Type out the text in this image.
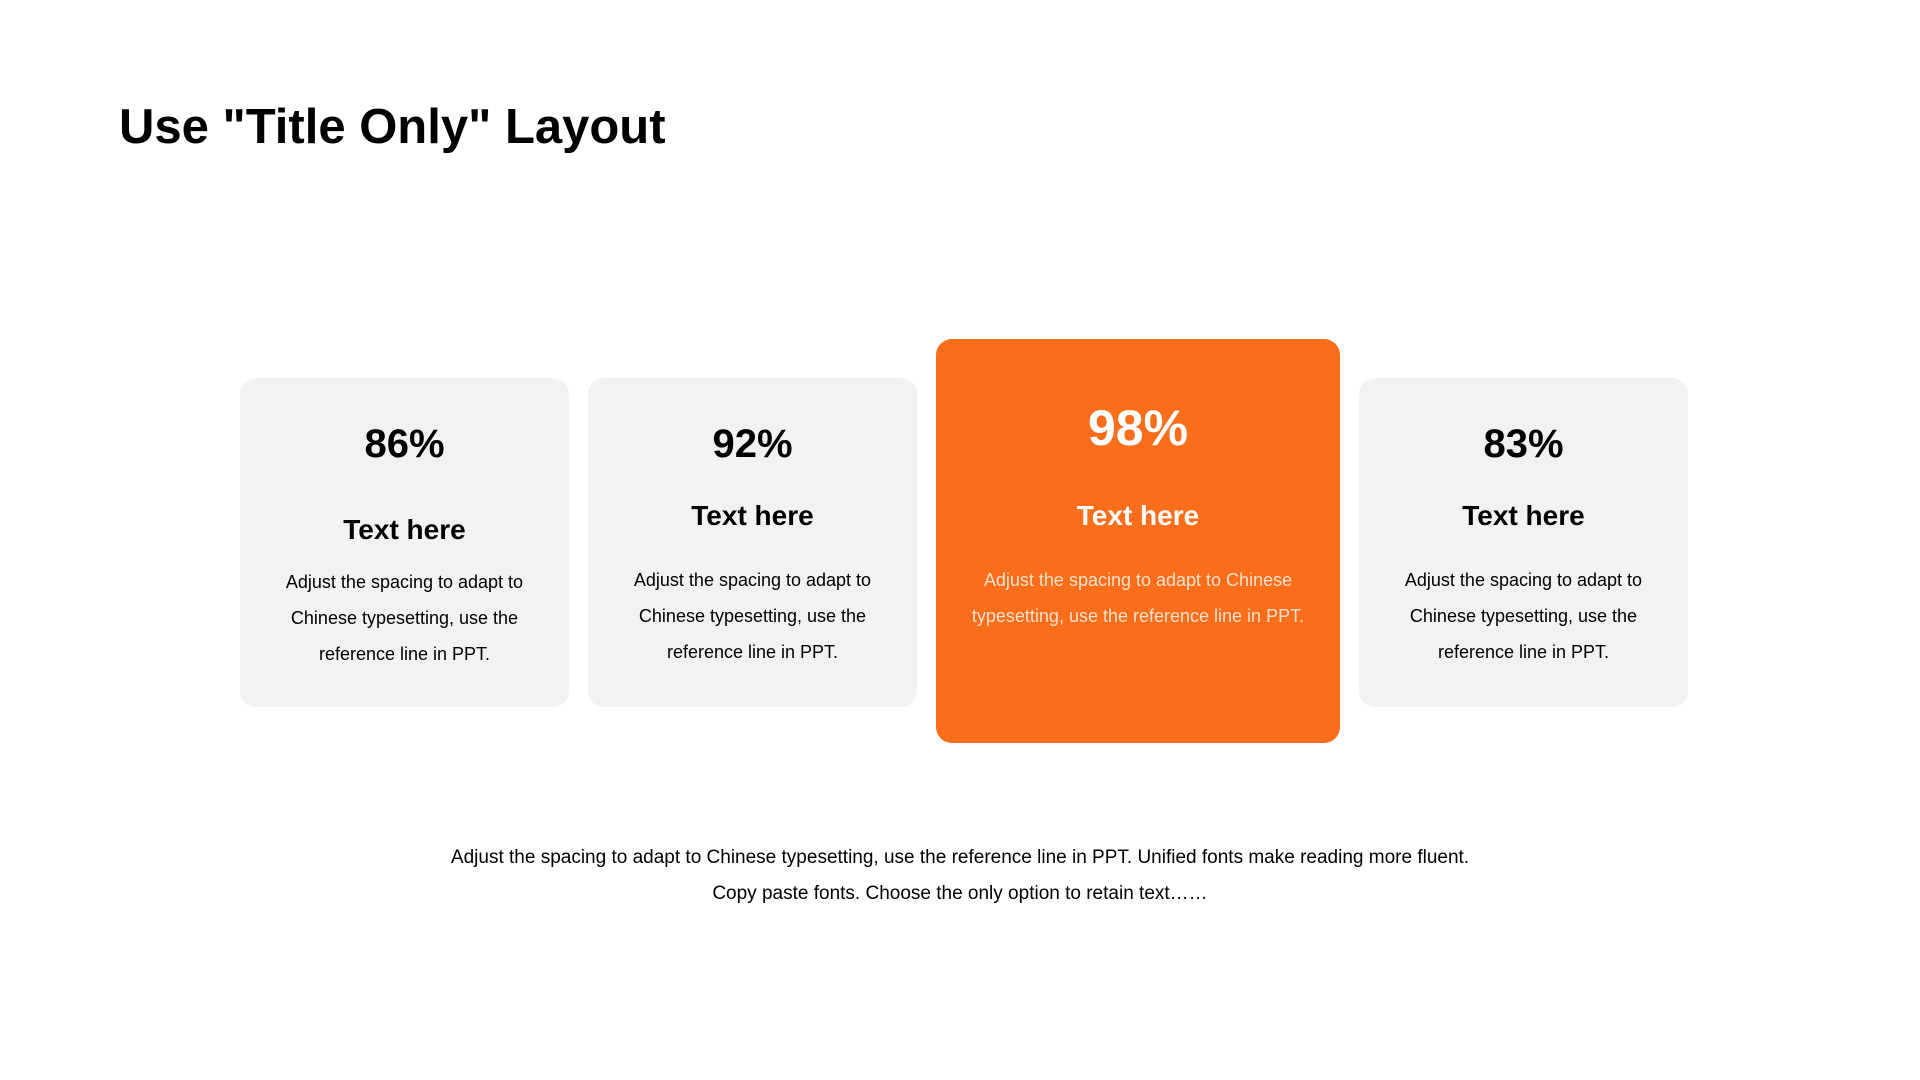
Use "Title Only" Layout

86%

Text here

Adjust the spacing to adapt to Chinese typesetting, use the reference line in PPT.

92%

Text here

Adjust the spacing to adapt to Chinese typesetting, use the reference line in PPT.

98%

Text here

Adjust the spacing to adapt to Chinese typesetting, use the reference line in PPT.

83%

Text here

Adjust the spacing to adapt to Chinese typesetting, use the reference line in PPT.

Adjust the spacing to adapt to Chinese typesetting, use the reference line in PPT. Unified fonts make reading more fluent.
Copy paste fonts. Choose the only option to retain text……
